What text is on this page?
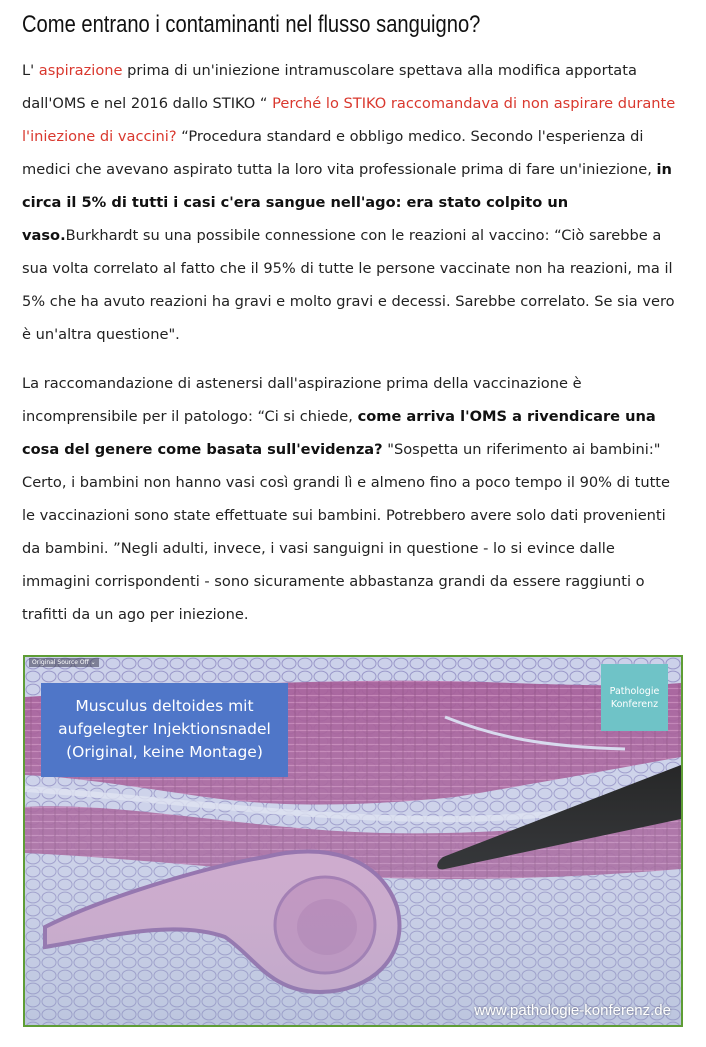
Come entrano i contaminanti nel flusso sanguigno?

L' aspirazione prima di un'iniezione intramuscolare spettava alla modifica apportata dall'OMS e nel 2016 dallo STIKO “ Perché lo STIKO raccomandava di non aspirare durante l'iniezione di vaccini? “Procedura standard e obbligo medico. Secondo l'esperienza di medici che avevano aspirato tutta la loro vita professionale prima di fare un'iniezione, in circa il 5% di tutti i casi c'era sangue nell'ago: era stato colpito un vaso.Burkhardt su una possibile connessione con le reazioni al vaccino: “Ciò sarebbe a sua volta correlato al fatto che il 95% di tutte le persone vaccinate non ha reazioni, ma il 5% che ha avuto reazioni ha gravi e molto gravi e decessi. Sarebbe correlato. Se sia vero è un'altra questione".

La raccomandazione di astenersi dall'aspirazione prima della vaccinazione è incomprensibile per il patologo: “Ci si chiede, come arriva l'OMS a rivendicare una cosa del genere come basata sull'evidenza? "Sospetta un riferimento ai bambini:" Certo, i bambini non hanno vasi così grandi lì e almeno fino a poco tempo il 90% di tutte le vaccinazioni sono state effettuate sui bambini. Potrebbero avere solo dati provenienti da bambini. ”Negli adulti, invece, i vasi sanguigni in questione - lo si evince dalle immagini corrispondenti - sono sicuramente abbastanza grandi da essere raggiunti o trafitti da un ago per iniezione.

Original Source Off ⌄
Musculus deltoides mit
aufgelegter Injektionsnadel
(Original, keine Montage)
Pathologie
Konferenz
www.pathologie-konferenz.de
